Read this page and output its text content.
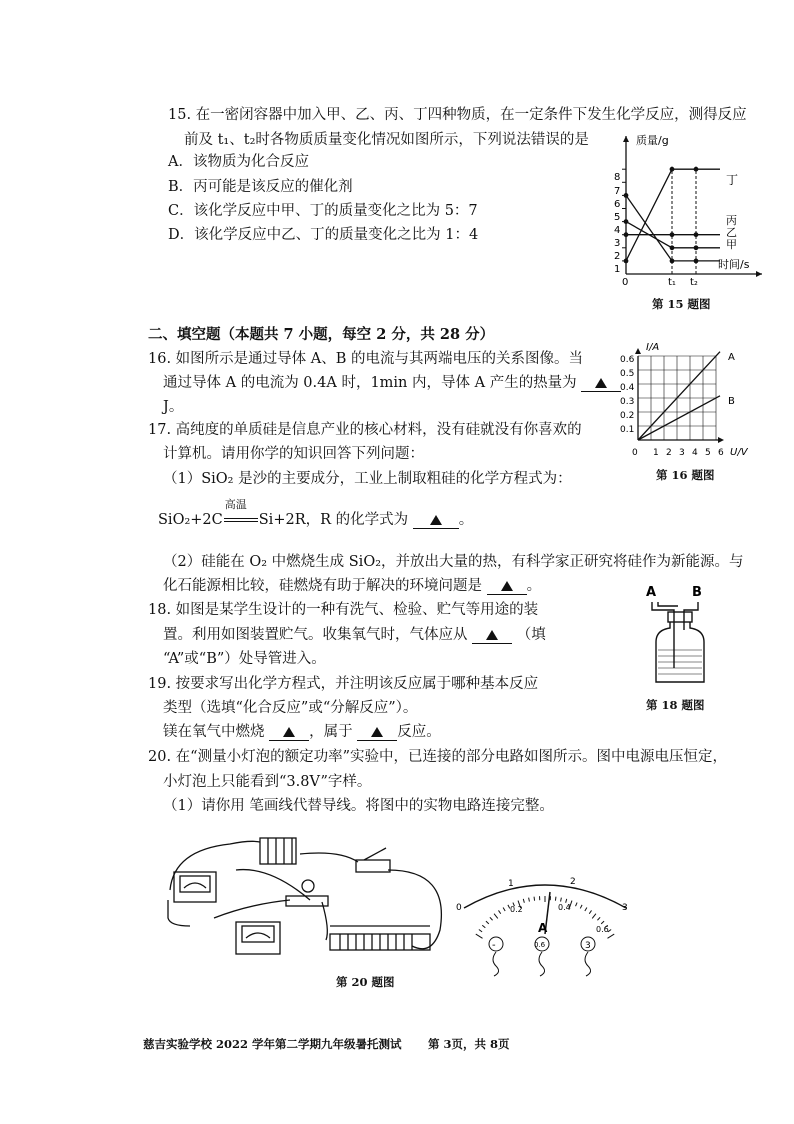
15. 在一密闭容器中加入甲、乙、丙、丁四种物质，在一定条件下发生化学反应，测得反应
前及 t₁、t₂时各物质质量变化情况如图所示，下列说法错误的是
A．该物质为化合反应
B．丙可能是该反应的催化剂
C．该化学反应中甲、丁的质量变化之比为 5：7
D．该化学反应中乙、丁的质量变化之比为 1：4
质量/g
时间/s
0	t₁ t₂
8
7
6
5
4
3
2
1
丁
丙
乙
甲
第 15 题图
二、填空题（本题共 7 小题，每空 2 分，共 28 分）
16. 如图所示是通过导体 A、B 的电流与其两端电压的关系图像。当
通过导体 A 的电流为 0.4A 时，1min 内，导体 A 产生的热量为
J。
I/A
U/V
A
B
0.6
0.5
0.4
0.3
0.2
0.1
0 1 2 3 4 5 6
第 16 题图
17. 高纯度的单质硅是信息产业的核心材料，没有硅就没有你喜欢的
计算机。请用你学的知识回答下列问题：
（1）SiO₂ 是沙的主要成分，工业上制取粗硅的化学方程式为：
SiO₂+2C
高温
Si+2R，R 的化学式为	。
（2）硅能在 O₂ 中燃烧生成 SiO₂，并放出大量的热，有科学家正研究将硅作为新能源。与
化石能源相比较，硅燃烧有助于解决的环境问题是	。
18. 如图是某学生设计的一种有洗气、检验、贮气等用途的装
置。利用如图装置贮气。收集氧气时，气体应从	（填
“A”或“B”）处导管进入。
A	B
第 18 题图
19. 按要求写出化学方程式，并注明该反应属于哪种基本反应
类型（选填“化合反应”或“分解反应”）。
镁在氧气中燃烧	，属于	反应。
20. 在“测量小灯泡的额定功率”实验中，已连接的部分电路如图所示。图中电源电压恒定，
小灯泡上只能看到“3.8V”字样。
（1）请你用 笔画线代替导线。将图中的实物电路连接完整。
0
1	2
3
0.2	0.4
0.6
A
-	0.6	3
第 20 题图
慈吉实验学校 2022 学年第二学期九年级暑托测试 第 3页，共 8页
